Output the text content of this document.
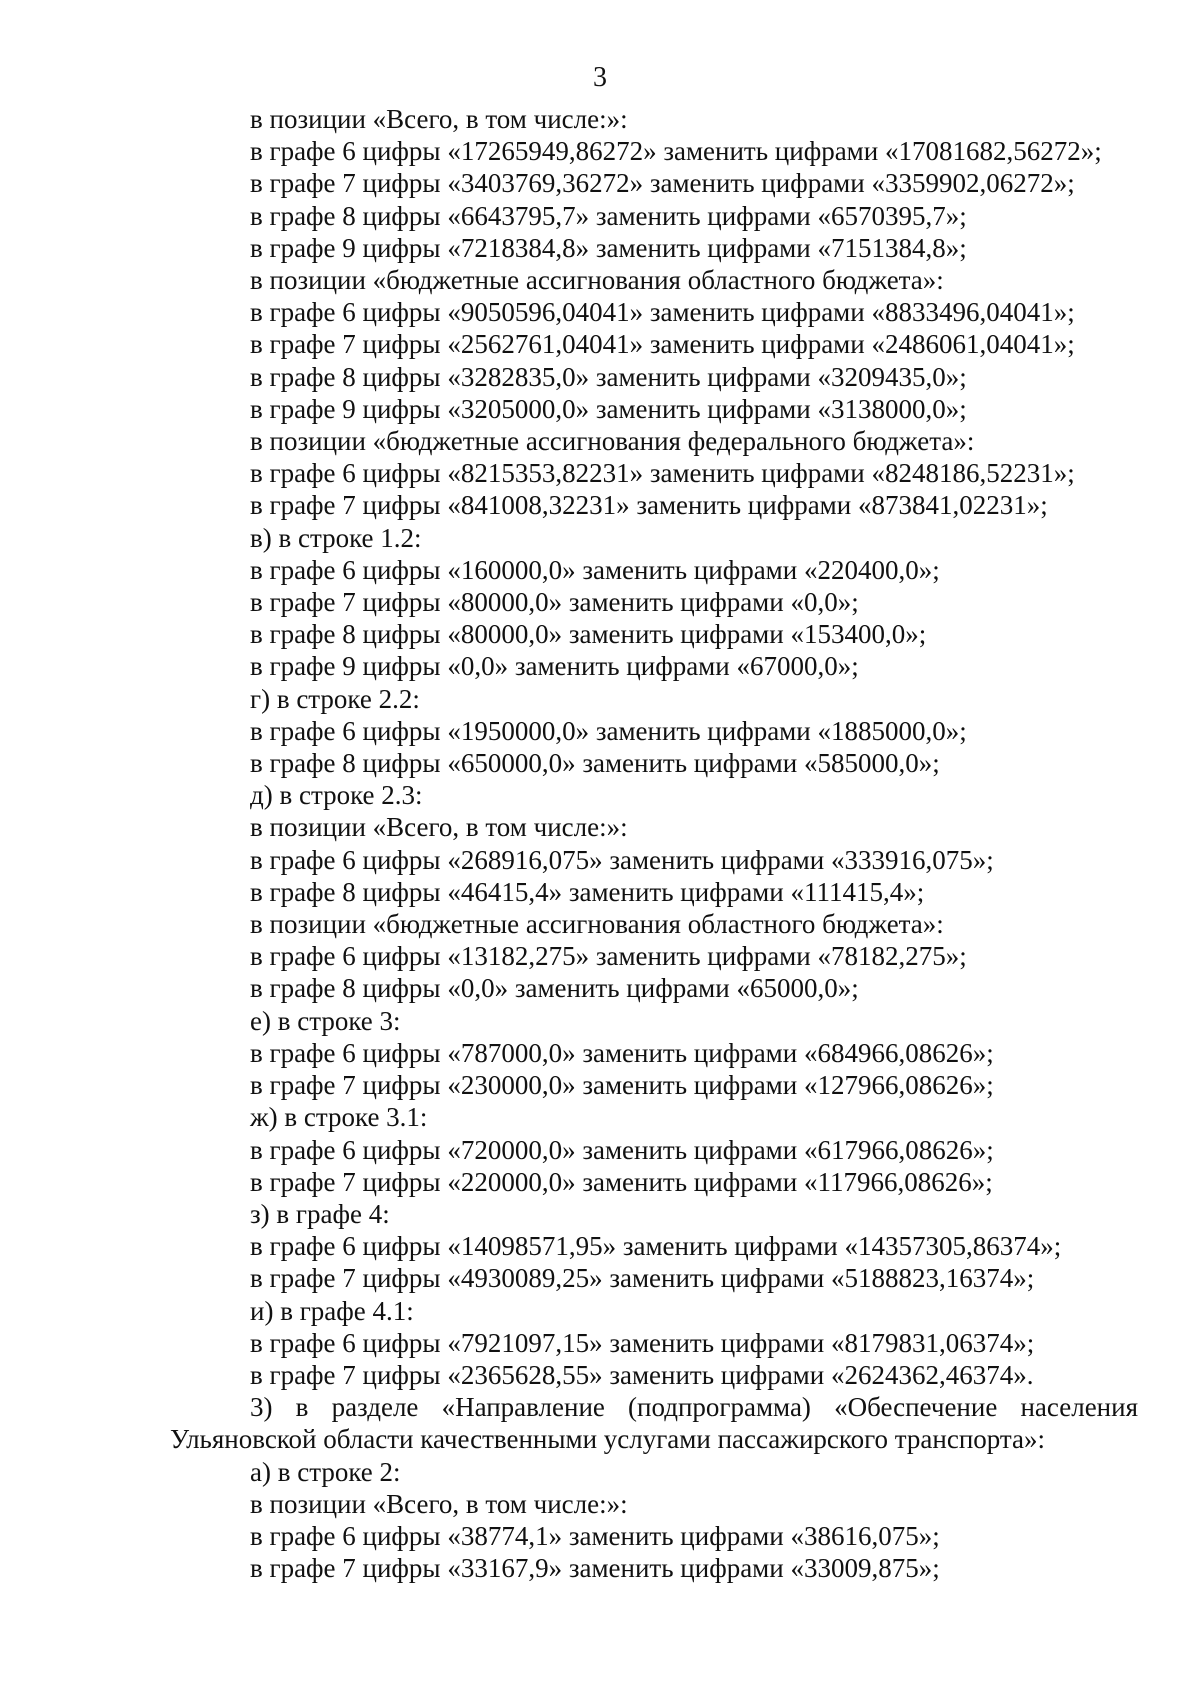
3
в позиции «Всего, в том числе:»:
в графе 6 цифры «17265949,86272» заменить цифрами «17081682,56272»;
в графе 7 цифры «3403769,36272» заменить цифрами «3359902,06272»;
в графе 8 цифры «6643795,7» заменить цифрами «6570395,7»;
в графе 9 цифры «7218384,8» заменить цифрами «7151384,8»;
в позиции «бюджетные ассигнования областного бюджета»:
в графе 6 цифры «9050596,04041» заменить цифрами «8833496,04041»;
в графе 7 цифры «2562761,04041» заменить цифрами «2486061,04041»;
в графе 8 цифры «3282835,0» заменить цифрами «3209435,0»;
в графе 9 цифры «3205000,0» заменить цифрами «3138000,0»;
в позиции «бюджетные ассигнования федерального бюджета»:
в графе 6 цифры «8215353,82231» заменить цифрами «8248186,52231»;
в графе 7 цифры «841008,32231» заменить цифрами «873841,02231»;
в) в строке 1.2:
в графе 6 цифры «160000,0» заменить цифрами «220400,0»;
в графе 7 цифры «80000,0» заменить цифрами «0,0»;
в графе 8 цифры «80000,0» заменить цифрами «153400,0»;
в графе 9 цифры «0,0» заменить цифрами «67000,0»;
г) в строке 2.2:
в графе 6 цифры «1950000,0» заменить цифрами «1885000,0»;
в графе 8 цифры «650000,0» заменить цифрами «585000,0»;
д) в строке 2.3:
в позиции «Всего, в том числе:»:
в графе 6 цифры «268916,075» заменить цифрами «333916,075»;
в графе 8 цифры «46415,4» заменить цифрами «111415,4»;
в позиции «бюджетные ассигнования областного бюджета»:
в графе 6 цифры «13182,275» заменить цифрами «78182,275»;
в графе 8 цифры «0,0» заменить цифрами «65000,0»;
е) в строке 3:
в графе 6 цифры «787000,0» заменить цифрами «684966,08626»;
в графе 7 цифры «230000,0» заменить цифрами «127966,08626»;
ж) в строке 3.1:
в графе 6 цифры «720000,0» заменить цифрами «617966,08626»;
в графе 7 цифры «220000,0» заменить цифрами «117966,08626»;
з) в графе 4:
в графе 6 цифры «14098571,95» заменить цифрами «14357305,86374»;
в графе 7 цифры «4930089,25» заменить цифрами «5188823,16374»;
и) в графе 4.1:
в графе 6 цифры «7921097,15» заменить цифрами «8179831,06374»;
в графе 7 цифры «2365628,55» заменить цифрами «2624362,46374».
3) в разделе «Направление (подпрограмма) «Обеспечение населения
Ульяновской области качественными услугами пассажирского транспорта»:
а) в строке 2:
в позиции «Всего, в том числе:»:
в графе 6 цифры «38774,1» заменить цифрами «38616,075»;
в графе 7 цифры «33167,9» заменить цифрами «33009,875»;
